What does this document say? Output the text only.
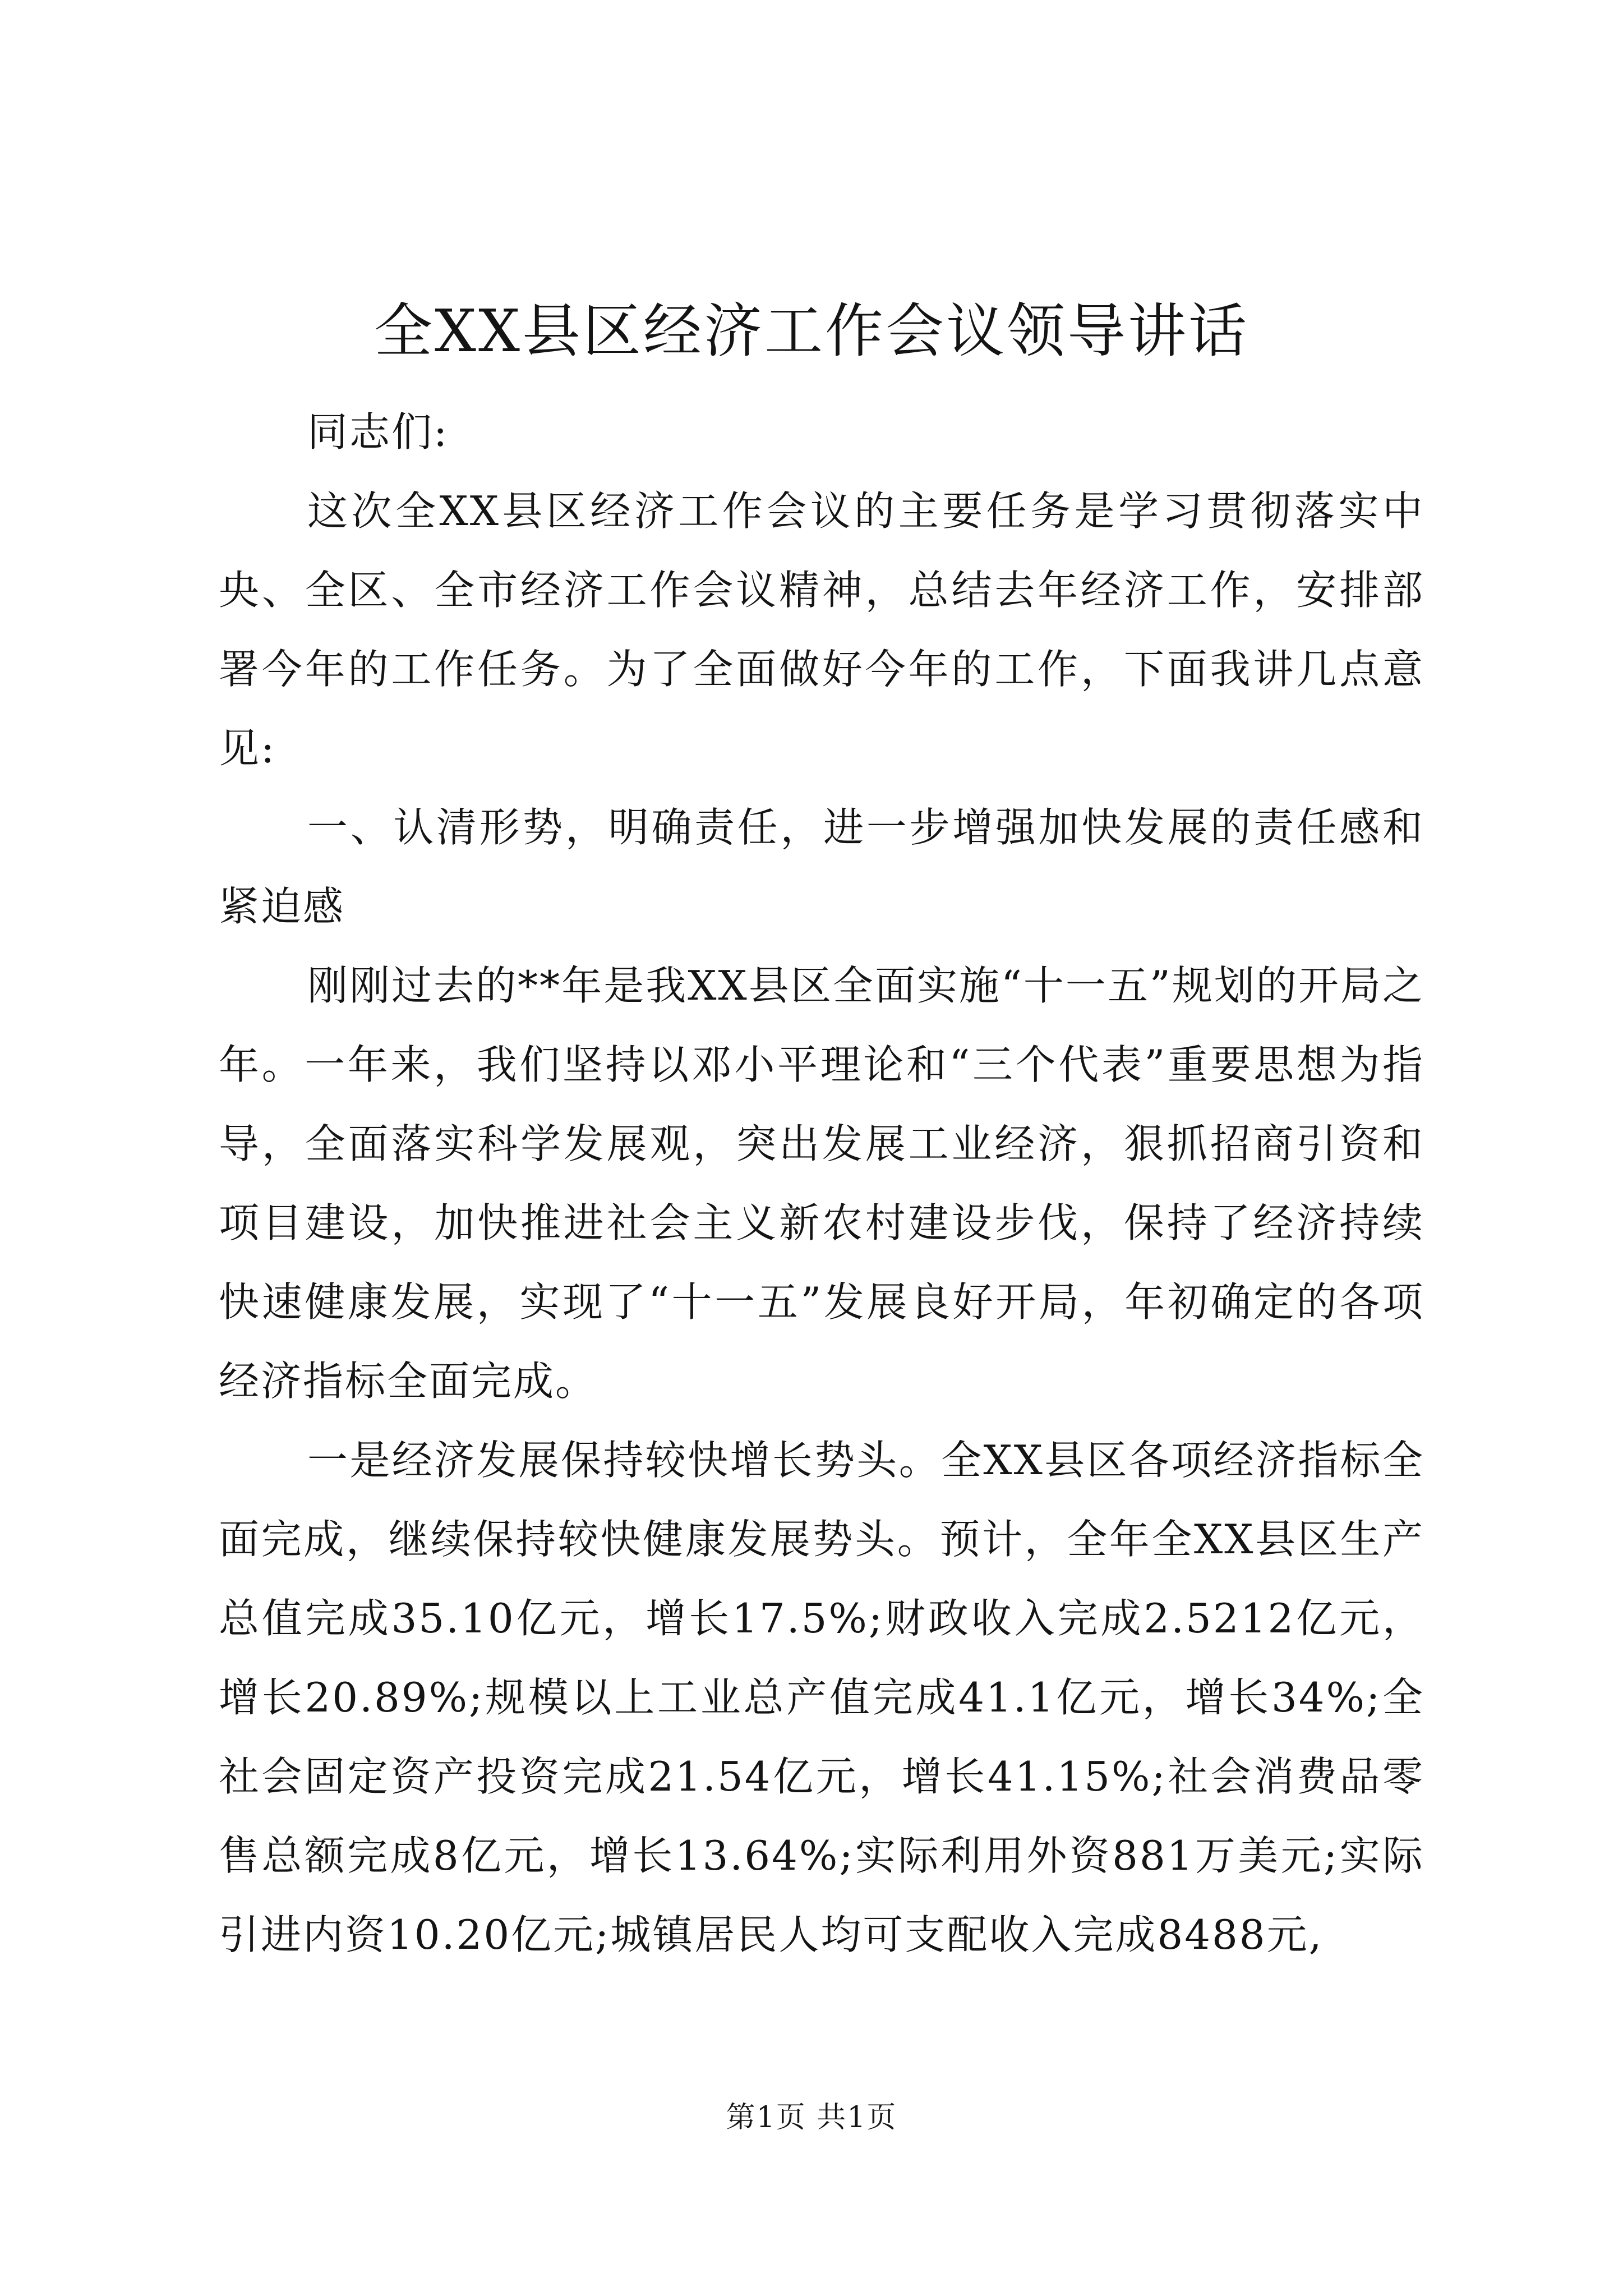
全XX县区经济工作会议领导讲话

同志们:

这次全XX县区经济工作会议的主要任务是学习贯彻落实中央、全区、全市经济工作会议精神，总结去年经济工作，安排部署今年的工作任务。为了全面做好今年的工作，下面我讲几点意见:

一、认清形势，明确责任，进一步增强加快发展的责任感和紧迫感

刚刚过去的**年是我XX县区全面实施“十一五”规划的开局之年。一年来，我们坚持以邓小平理论和“三个代表”重要思想为指导，全面落实科学发展观，突出发展工业经济，狠抓招商引资和项目建设，加快推进社会主义新农村建设步伐，保持了经济持续快速健康发展，实现了“十一五”发展良好开局，年初确定的各项经济指标全面完成。

一是经济发展保持较快增长势头。全XX县区各项经济指标全面完成，继续保持较快健康发展势头。预计，全年全XX县区生产总值完成35.10亿元，增长17.5%;财政收入完成2.5212亿元，增长20.89%;规模以上工业总产值完成41.1亿元，增长34%;全社会固定资产投资完成21.54亿元，增长41.15%;社会消费品零售总额完成8亿元，增长13.64%;实际利用外资881万美元;实际引进内资10.20亿元;城镇居民人均可支配收入完成8488元,

第1页 共1页
